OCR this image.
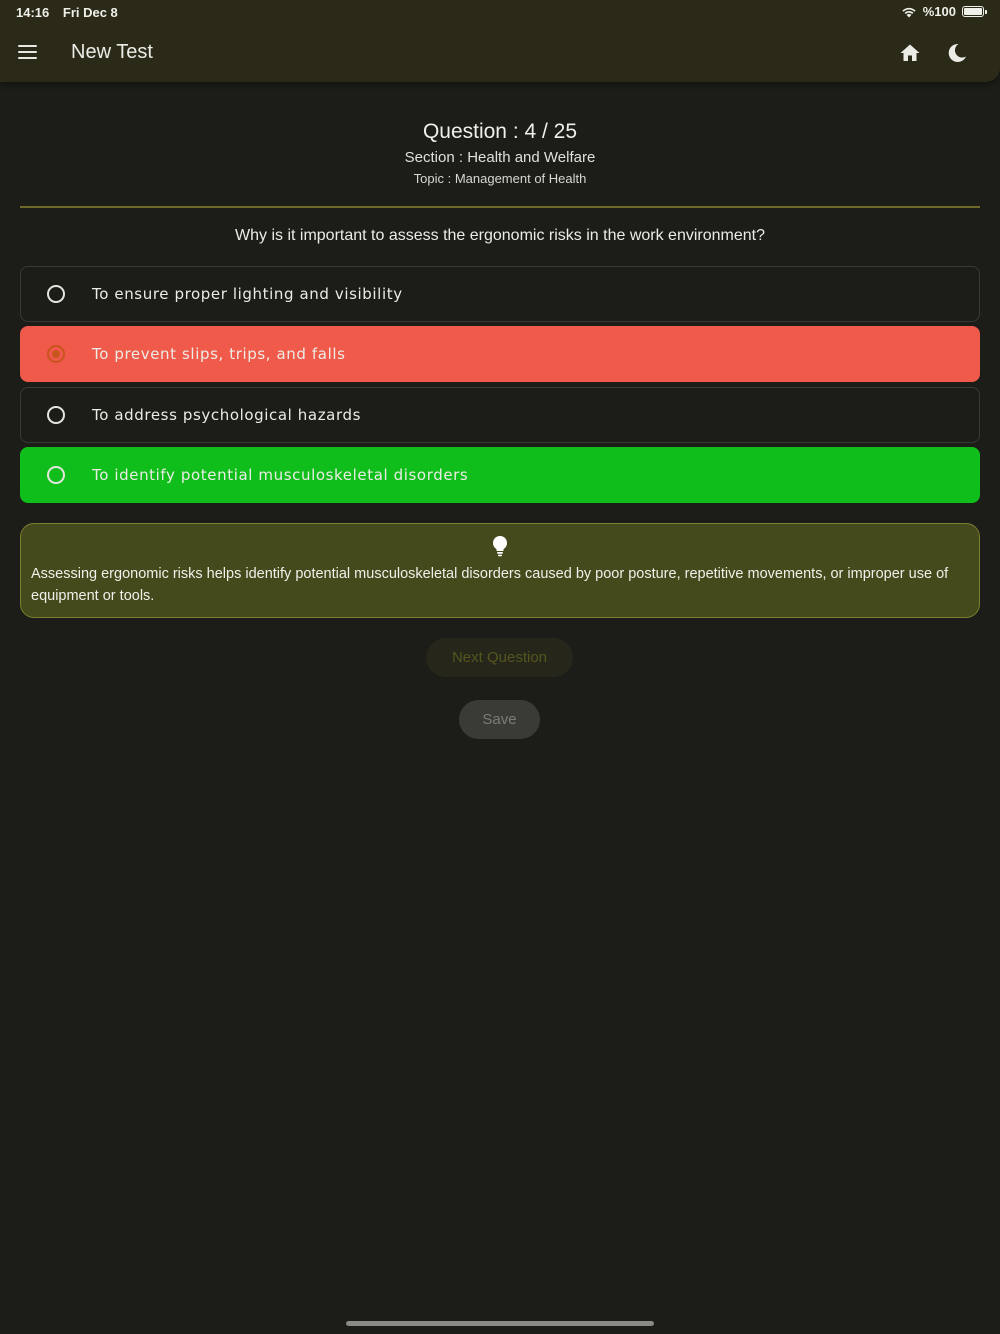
14:16 Fri Dec 8	%100
New Test
Question : 4 / 25
Section : Health and Welfare
Topic : Management of Health
Why is it important to assess the ergonomic risks in the work environment?
To ensure proper lighting and visibility
To prevent slips, trips, and falls
To address psychological hazards
To identify potential musculoskeletal disorders
Assessing ergonomic risks helps identify potential musculoskeletal disorders caused by poor posture, repetitive movements, or improper use of equipment or tools.
Next Question
Save
